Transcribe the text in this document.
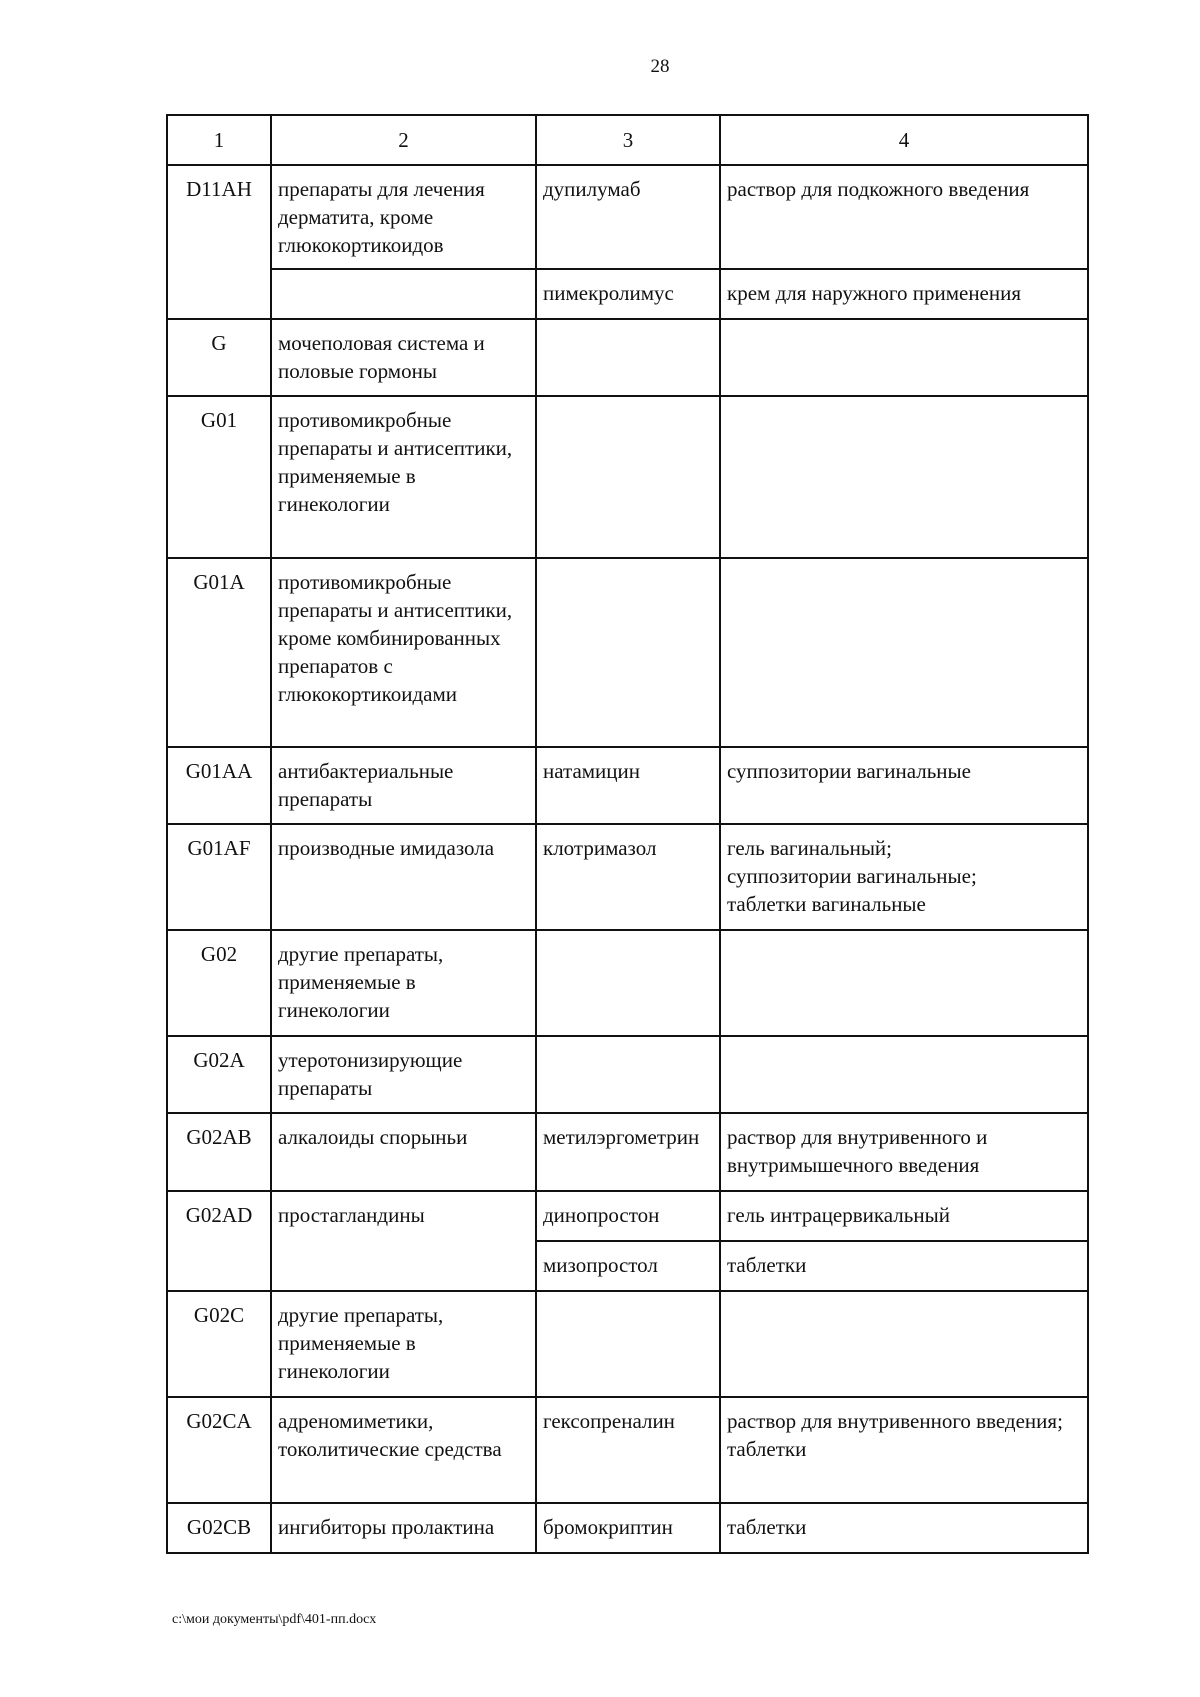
28
1	2	3	4
D11AH	препараты для лечения дерматита, кроме глюкокортикоидов	дупилумаб	раствор для подкожного введения
		пимекролимус	крем для наружного применения
G	мочеполовая система и половые гормоны		
G01	противомикробные препараты и антисептики, применяемые в гинекологии		
G01A	противомикробные препараты и антисептики, кроме комбинированных препаратов с глюкокортикоидами		
G01AA	антибактериальные препараты	натамицин	суппозитории вагинальные
G01AF	производные имидазола	клотримазол	гель вагинальный;
суппозитории вагинальные;
таблетки вагинальные
G02	другие препараты, применяемые в гинекологии		
G02A	утеротонизирующие препараты		
G02AB	алкалоиды спорыньи	метилэргометрин	раствор для внутривенного и внутримышечного введения
G02AD	простагландины	динопростон	гель интрацервикальный
		мизопростол	таблетки
G02C	другие препараты, применяемые в гинекологии		
G02CA	адреномиметики, токолитические средства	гексопреналин	раствор для внутривенного введения;
таблетки
G02CB	ингибиторы пролактина	бромокриптин	таблетки
c:\мои документы\pdf\401-пп.docx
